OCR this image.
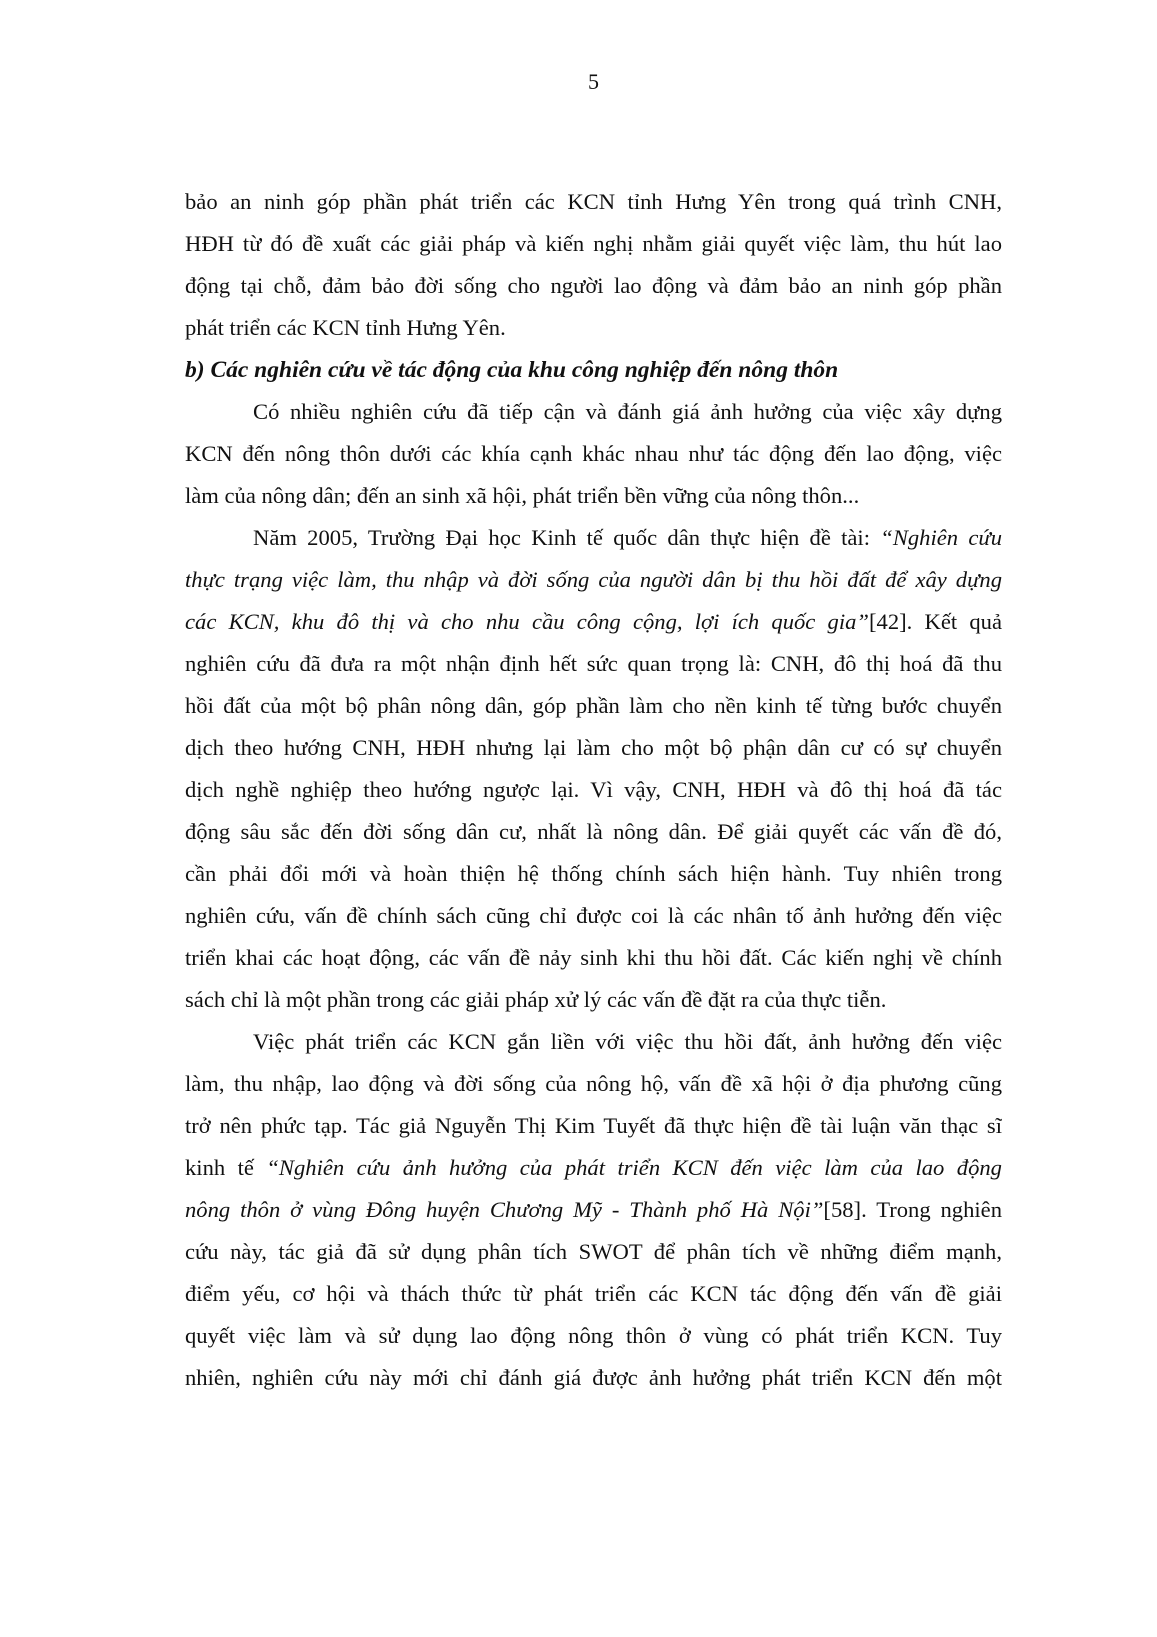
5
bảo an ninh góp phần phát triển các KCN tỉnh Hưng Yên trong quá trình CNH,
HĐH từ đó đề xuất các giải pháp và kiến nghị nhằm giải quyết việc làm, thu hút lao
động tại chỗ, đảm bảo đời sống cho người lao động và đảm bảo an ninh góp phần
phát triển các KCN tỉnh Hưng Yên.
b) Các nghiên cứu về tác động của khu công nghiệp đến nông thôn
Có nhiều nghiên cứu đã tiếp cận và đánh giá ảnh hưởng của việc xây dựng
KCN đến nông thôn dưới các khía cạnh khác nhau như tác động đến lao động, việc
làm của nông dân; đến an sinh xã hội, phát triển bền vững của nông thôn...
Năm 2005, Trường Đại học Kinh tế quốc dân thực hiện đề tài: “Nghiên cứu
thực trạng việc làm, thu nhập và đời sống của người dân bị thu hồi đất để xây dựng
các KCN, khu đô thị và cho nhu cầu công cộng, lợi ích quốc gia”[42]. Kết quả
nghiên cứu đã đưa ra một nhận định hết sức quan trọng là: CNH, đô thị hoá đã thu
hồi đất của một bộ phân nông dân, góp phần làm cho nền kinh tế từng bước chuyển
dịch theo hướng CNH, HĐH nhưng lại làm cho một bộ phận dân cư có sự chuyển
dịch nghề nghiệp theo hướng ngược lại. Vì vậy, CNH, HĐH và đô thị hoá đã tác
động sâu sắc đến đời sống dân cư, nhất là nông dân. Để giải quyết các vấn đề đó,
cần phải đổi mới và hoàn thiện hệ thống chính sách hiện hành. Tuy nhiên trong
nghiên cứu, vấn đề chính sách cũng chỉ được coi là các nhân tố ảnh hưởng đến việc
triển khai các hoạt động, các vấn đề nảy sinh khi thu hồi đất. Các kiến nghị về chính
sách chỉ là một phần trong các giải pháp xử lý các vấn đề đặt ra của thực tiễn.
Việc phát triển các KCN gắn liền với việc thu hồi đất, ảnh hưởng đến việc
làm, thu nhập, lao động và đời sống của nông hộ, vấn đề xã hội ở địa phương cũng
trở nên phức tạp. Tác giả Nguyễn Thị Kim Tuyết đã thực hiện đề tài luận văn thạc sĩ
kinh tế “Nghiên cứu ảnh hưởng của phát triển KCN đến việc làm của lao động
nông thôn ở vùng Đông huyện Chương Mỹ - Thành phố Hà Nội”[58]. Trong nghiên
cứu này, tác giả đã sử dụng phân tích SWOT để phân tích về những điểm mạnh,
điểm yếu, cơ hội và thách thức từ phát triển các KCN tác động đến vấn đề giải
quyết việc làm và sử dụng lao động nông thôn ở vùng có phát triển KCN. Tuy
nhiên, nghiên cứu này mới chỉ đánh giá được ảnh hưởng phát triển KCN đến một
